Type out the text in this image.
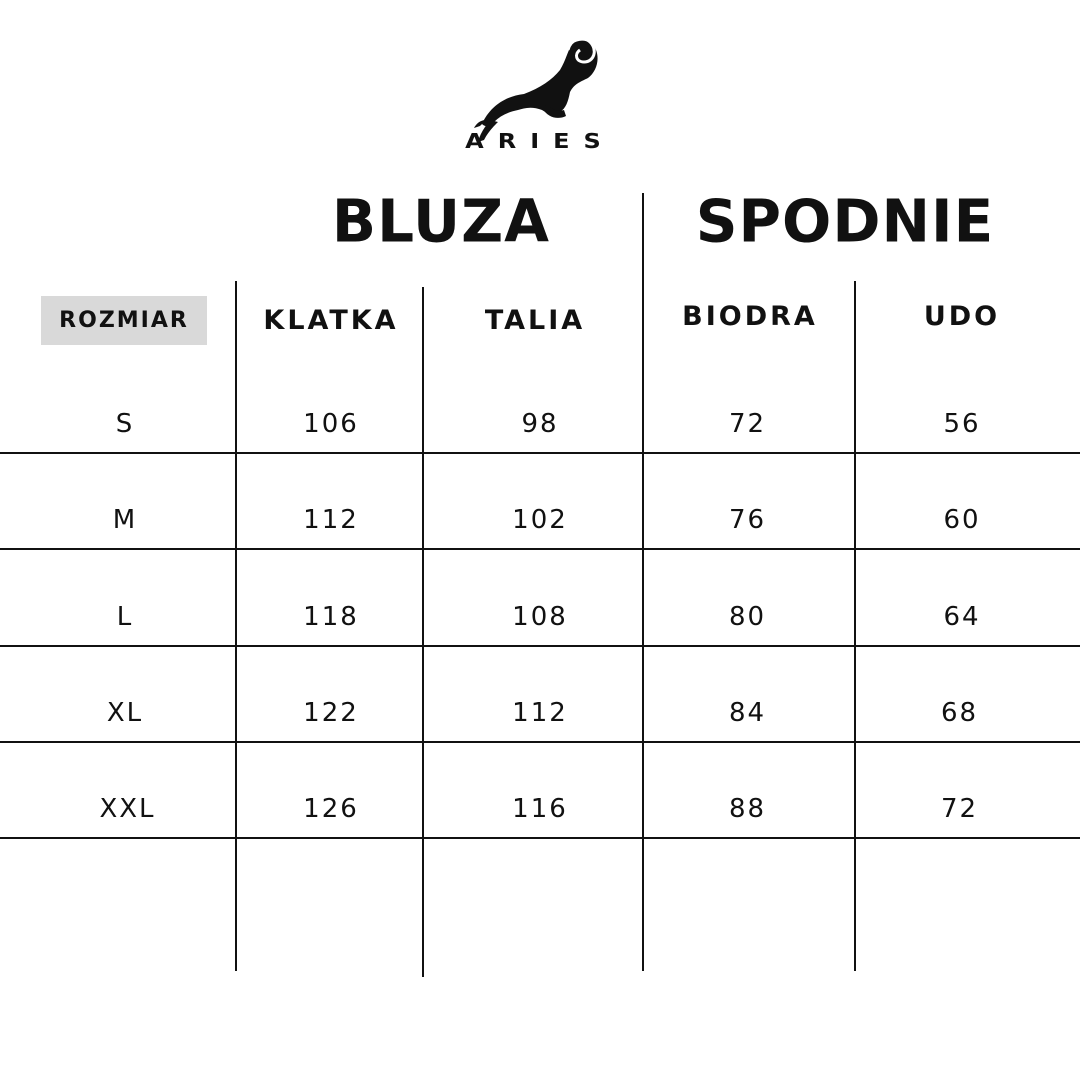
ARIES
BLUZA	SPODNIE
ROZMIAR	KLATKA	TALIA	BIODRA	UDO
S	106	98	72	56
M	112	102	76	60
L	118	108	80	64
XL	122	112	84	68
XXL	126	116	88	72
